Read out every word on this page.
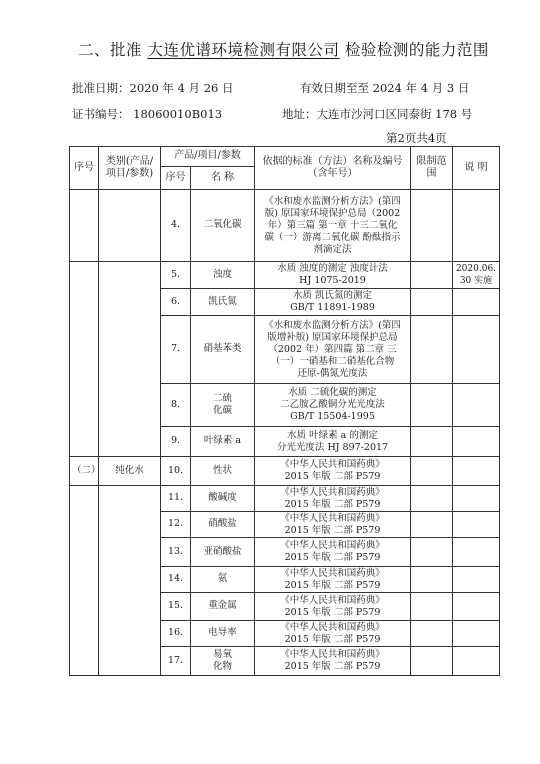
二、批准 大连优谱环境检测有限公司 检验检测的能力范围
批准日期：2020 年 4 月 26 日	有效日期至至 2024 年 4 月 3 日
证书编号： 18060010B013	地址：大连市沙河口区同泰街 178 号
第2页共4页
序号	类别(产品/项目/参数)	产品/项目/参数		依据的标准（方法）名称及编号（含年号）	限制范围	说 明
		序号	名 称			
		4.	二氧化碳	《水和废水监测分析方法》(第四
版) 原国家环境保护总局（2002
年）第三篇 第一章 十三二氧化
碳（一）游离二氧化碳 酚酞指示
剂滴定法		
		5.	浊度	水质 浊度的测定 浊度计法
HJ 1075-2019		2020.06.
30 实施
		6.	凯氏氮	水质 凯氏氮的测定
GB/T 11891-1989		
		7.	硝基苯类	《水和废水监测分析方法》(第四
版增补版) 原国家环境保护总局
（2002 年）第四篇 第二章 三
（一）一硝基和二硝基化合物
还原-偶氮光度法		
		8.	二硫
化碳	水质 二硫化碳的测定
二乙胺乙酸铜分光光度法
GB/T 15504-1995		
		9.	叶绿素 a	水质 叶绿素 a 的测定
分光光度法 HJ 897-2017		
（二）	纯化水	10.	性状	《中华人民共和国药典》
2015 年版 二部 P579		
		11.	酸碱度	《中华人民共和国药典》
2015 年版 二部 P579		
		12.	硝酸盐	《中华人民共和国药典》
2015 年版 二部 P579		
		13.	亚硝酸盐	《中华人民共和国药典》
2015 年版 二部 P579		
		14.	氨	《中华人民共和国药典》
2015 年版 二部 P579		
		15.	重金属	《中华人民共和国药典》
2015 年版 二部 P579		
		16.	电导率	《中华人民共和国药典》
2015 年版 二部 P579		
		17.	易氧
化物	《中华人民共和国药典》
2015 年版 二部 P579		
